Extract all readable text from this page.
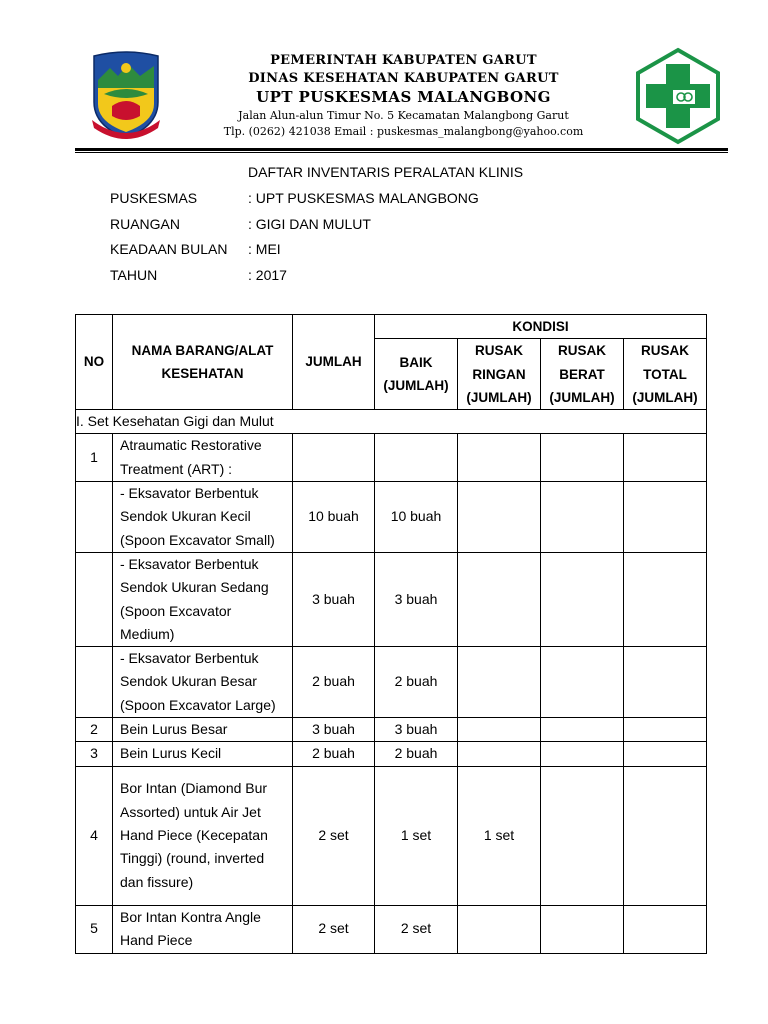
PEMERINTAH KABUPATEN GARUT
DINAS KESEHATAN KABUPATEN GARUT
UPT PUSKESMAS MALANGBONG
Jalan Alun-alun Timur No. 5 Kecamatan Malangbong Garut
Tlp. (0262) 421038 Email : puskesmas_malangbong@yahoo.com
DAFTAR INVENTARIS PERALATAN KLINIS
PUSKESMAS	: UPT PUSKESMAS MALANGBONG
RUANGAN	: GIGI DAN MULUT
KEADAAN BULAN	: MEI
TAHUN	: 2017
NO	NAMA BARANG/ALAT KESEHATAN	JUMLAH	KONDISI			
			BAIK (JUMLAH)	RUSAK RINGAN (JUMLAH)	RUSAK BERAT (JUMLAH)	RUSAK TOTAL (JUMLAH)
I. Set Kesehatan Gigi dan Mulut						
1	Atraumatic Restorative Treatment (ART) :					
	- Eksavator Berbentuk Sendok Ukuran Kecil (Spoon Excavator Small)	10 buah	10 buah			
	- Eksavator Berbentuk Sendok Ukuran Sedang (Spoon Excavator Medium)	3 buah	3 buah			
	- Eksavator Berbentuk Sendok Ukuran Besar (Spoon Excavator Large)	2 buah	2 buah			
2	Bein Lurus Besar	3 buah	3 buah			
3	Bein Lurus Kecil	2 buah	2 buah			
4	Bor Intan (Diamond Bur Assorted) untuk Air Jet Hand Piece (Kecepatan Tinggi) (round, inverted dan fissure)	2 set	1 set	1 set		
5	Bor Intan Kontra Angle Hand Piece	2 set	2 set			
